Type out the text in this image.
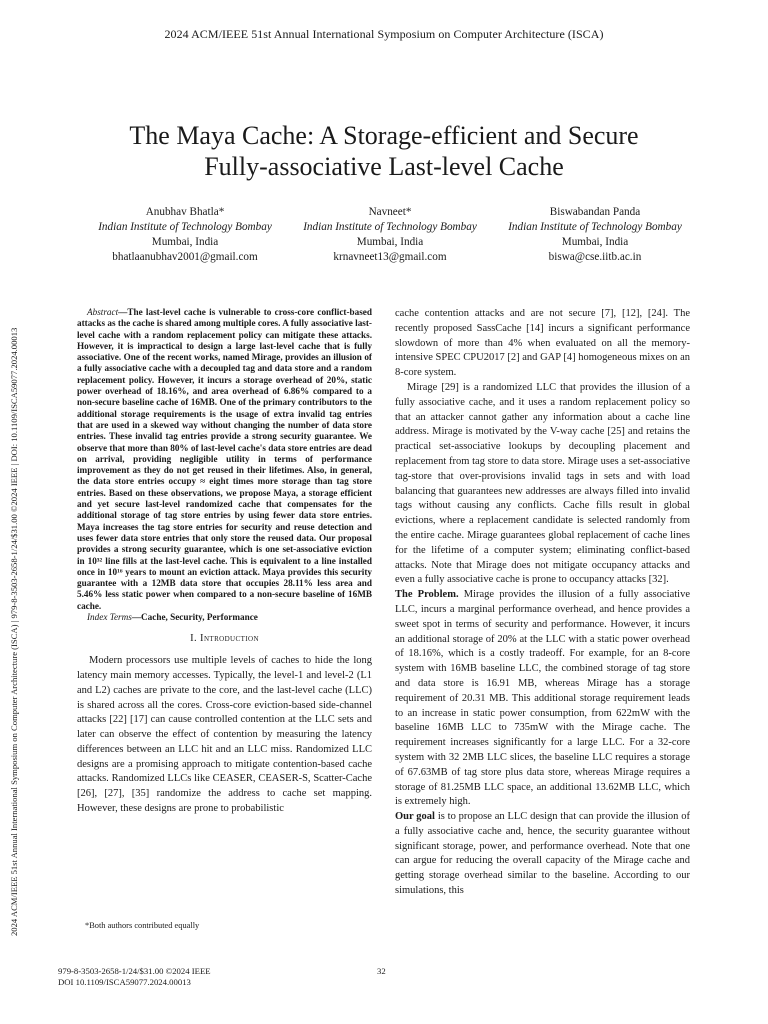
2024 ACM/IEEE 51st Annual International Symposium on Computer Architecture (ISCA)
2024 ACM/IEEE 51st Annual International Symposium on Computer Architecture (ISCA) | 979-8-3503-2658-1/24/$31.00 ©2024 IEEE | DOI: 10.1109/ISCA59077.2024.00013
The Maya Cache: A Storage-efficient and Secure
Fully-associative Last-level Cache
Anubhav Bhatla*
Indian Institute of Technology Bombay
Mumbai, India
bhatlaanubhav2001@gmail.com
Navneet*
Indian Institute of Technology Bombay
Mumbai, India
krnavneet13@gmail.com
Biswabandan Panda
Indian Institute of Technology Bombay
Mumbai, India
biswa@cse.iitb.ac.in

Abstract—The last-level cache is vulnerable to cross-core conflict-based attacks as the cache is shared among multiple cores. A fully associative last-level cache with a random replacement policy can mitigate these attacks. However, it is impractical to design a large last-level cache that is fully associative. One of the recent works, named Mirage, provides an illusion of a fully associative cache with a decoupled tag and data store and a random replacement policy. However, it incurs a storage overhead of 20%, static power overhead of 18.16%, and area overhead of 6.86% compared to a non-secure baseline cache of 16MB. One of the primary contributors to the additional storage requirements is the usage of extra invalid tag entries that are used in a skewed way without changing the number of data store entries. These invalid tag entries provide a strong security guarantee. We observe that more than 80% of last-level cache's data store entries are dead on arrival, providing negligible utility in terms of performance improvement as they do not get reused in their lifetimes. Also, in general, the data store entries occupy ≈ eight times more storage than tag store entries. Based on these observations, we propose Maya, a storage efficient and yet secure last-level randomized cache that compensates for the additional storage of tag store entries by using fewer data store entries. Maya increases the tag store entries for security and reuse detection and uses fewer data store entries that only store the reused data. Our proposal provides a strong security guarantee, which is one set-associative eviction in 10³² line fills at the last-level cache. This is equivalent to a line installed once in 10¹⁶ years to mount an eviction attack. Maya provides this security guarantee with a 12MB data store that occupies 28.11% less area and 5.46% less static power when compared to a non-secure baseline of 16MB cache.

Index Terms—Cache, Security, Performance

I. Introduction

Modern processors use multiple levels of caches to hide the long latency main memory accesses. Typically, the level-1 and level-2 (L1 and L2) caches are private to the core, and the last-level cache (LLC) is shared across all the cores. Cross-core eviction-based side-channel attacks [22] [17] can cause controlled contention at the LLC sets and later can observe the effect of contention by measuring the latency differences between an LLC hit and an LLC miss. Randomized LLC designs are a promising approach to mitigate contention-based cache attacks. Randomized LLCs like CEASER, CEASER-S, Scatter-Cache [26], [27], [35] randomize the address to cache set mapping. However, these designs are prone to probabilistic

*Both authors contributed equally

cache contention attacks and are not secure [7], [12], [24]. The recently proposed SassCache [14] incurs a significant performance slowdown of more than 4% when evaluated on all the memory-intensive SPEC CPU2017 [2] and GAP [4] homogeneous mixes on an 8-core system.

Mirage [29] is a randomized LLC that provides the illusion of a fully associative cache, and it uses a random replacement policy so that an attacker cannot gather any information about a cache line address. Mirage is motivated by the V-way cache [25] and retains the practical set-associative lookups by decoupling placement and replacement from tag store to data store. Mirage uses a set-associative tag-store that over-provisions invalid tags in sets and with load balancing that guarantees new addresses are always filled into invalid tags without causing any conflicts. Cache fills result in global evictions, where a replacement candidate is selected randomly from the entire cache. Mirage guarantees global replacement of cache lines for the lifetime of a computer system; eliminating conflict-based attacks. Note that Mirage does not mitigate occupancy attacks and even a fully associative cache is prone to occupancy attacks [32].

The Problem. Mirage provides the illusion of a fully associative LLC, incurs a marginal performance overhead, and hence provides a sweet spot in terms of security and performance. However, it incurs an additional storage of 20% at the LLC with a static power overhead of 18.16%, which is a costly tradeoff. For example, for an 8-core system with 16MB baseline LLC, the combined storage of tag store and data store is 16.91 MB, whereas Mirage has a storage requirement of 20.31 MB. This additional storage requirement leads to an increase in static power consumption, from 622mW with the baseline 16MB LLC to 735mW with the Mirage cache. The requirement increases significantly for a large LLC. For a 32-core system with 32 2MB LLC slices, the baseline LLC requires a storage of 67.63MB of tag store plus data store, whereas Mirage requires a storage of 81.25MB LLC space, an additional 13.62MB LLC, which is extremely high.

Our goal is to propose an LLC design that can provide the illusion of a fully associative cache and, hence, the security guarantee without significant storage, power, and performance overhead. Note that one can argue for reducing the overall capacity of the Mirage cache and getting storage overhead similar to the baseline. According to our simulations, this

979-8-3503-2658-1/24/$31.00 ©2024 IEEE
DOI 10.1109/ISCA59077.2024.00013
32
